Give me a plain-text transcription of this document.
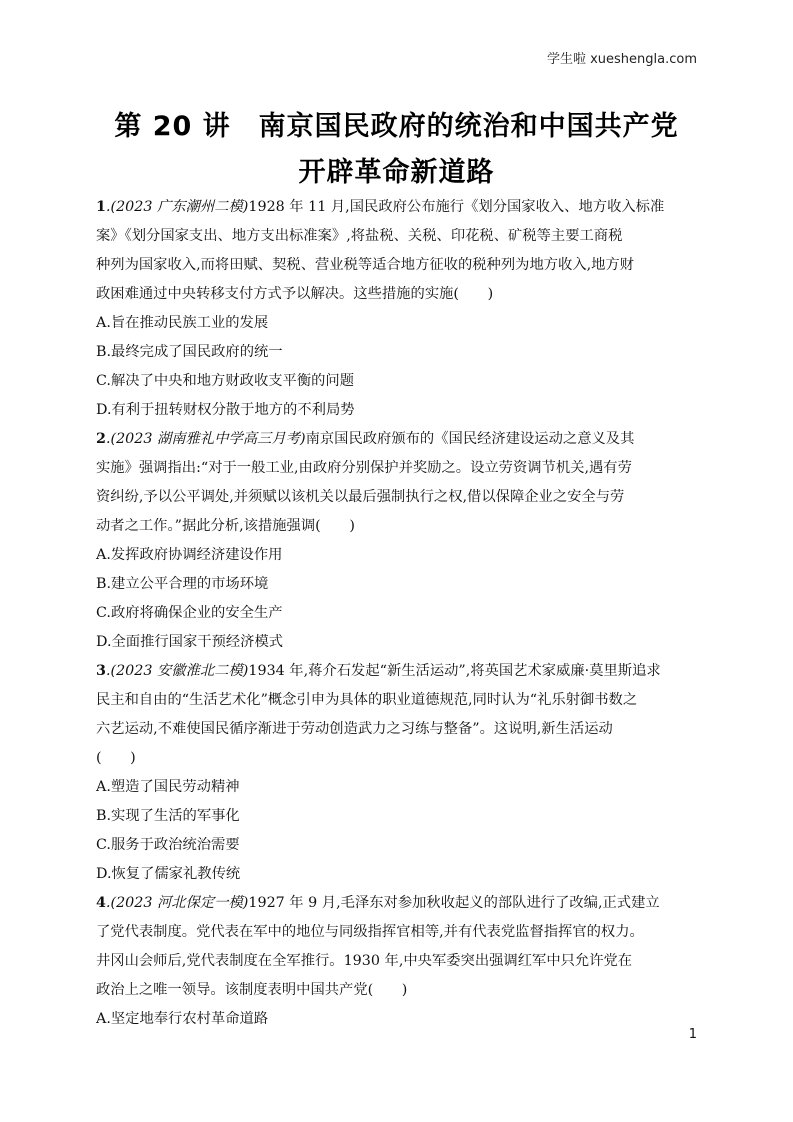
学生啦 xueshengla.com
第 20 讲　南京国民政府的统治和中国共产党
开辟革命新道路
1.(2023 广东潮州二模)1928 年 11 月,国民政府公布施行《划分国家收入、地方收入标准
案》《划分国家支出、地方支出标准案》,将盐税、关税、印花税、矿税等主要工商税
种列为国家收入,而将田赋、契税、营业税等适合地方征收的税种列为地方收入,地方财
政困难通过中央转移支付方式予以解决。这些措施的实施(　　)
A.旨在推动民族工业的发展
B.最终完成了国民政府的统一
C.解决了中央和地方财政收支平衡的问题
D.有利于扭转财权分散于地方的不利局势
2.(2023 湖南雅礼中学高三月考)南京国民政府颁布的《国民经济建设运动之意义及其
实施》强调指出:“对于一般工业,由政府分别保护并奖励之。设立劳资调节机关,遇有劳
资纠纷,予以公平调处,并须赋以该机关以最后强制执行之权,借以保障企业之安全与劳
动者之工作。”据此分析,该措施强调(　　)
A.发挥政府协调经济建设作用
B.建立公平合理的市场环境
C.政府将确保企业的安全生产
D.全面推行国家干预经济模式
3.(2023 安徽淮北二模)1934 年,蒋介石发起“新生活运动”,将英国艺术家威廉·莫里斯追求
民主和自由的“生活艺术化”概念引申为具体的职业道德规范,同时认为“礼乐射御书数之
六艺运动,不难使国民循序渐进于劳动创造武力之习练与整备”。这说明,新生活运动
(　　)
A.塑造了国民劳动精神
B.实现了生活的军事化
C.服务于政治统治需要
D.恢复了儒家礼教传统
4.(2023 河北保定一模)1927 年 9 月,毛泽东对参加秋收起义的部队进行了改编,正式建立
了党代表制度。党代表在军中的地位与同级指挥官相等,并有代表党监督指挥官的权力。
井冈山会师后,党代表制度在全军推行。1930 年,中央军委突出强调红军中只允许党在
政治上之唯一领导。该制度表明中国共产党(　　)
A.坚定地奉行农村革命道路
1
